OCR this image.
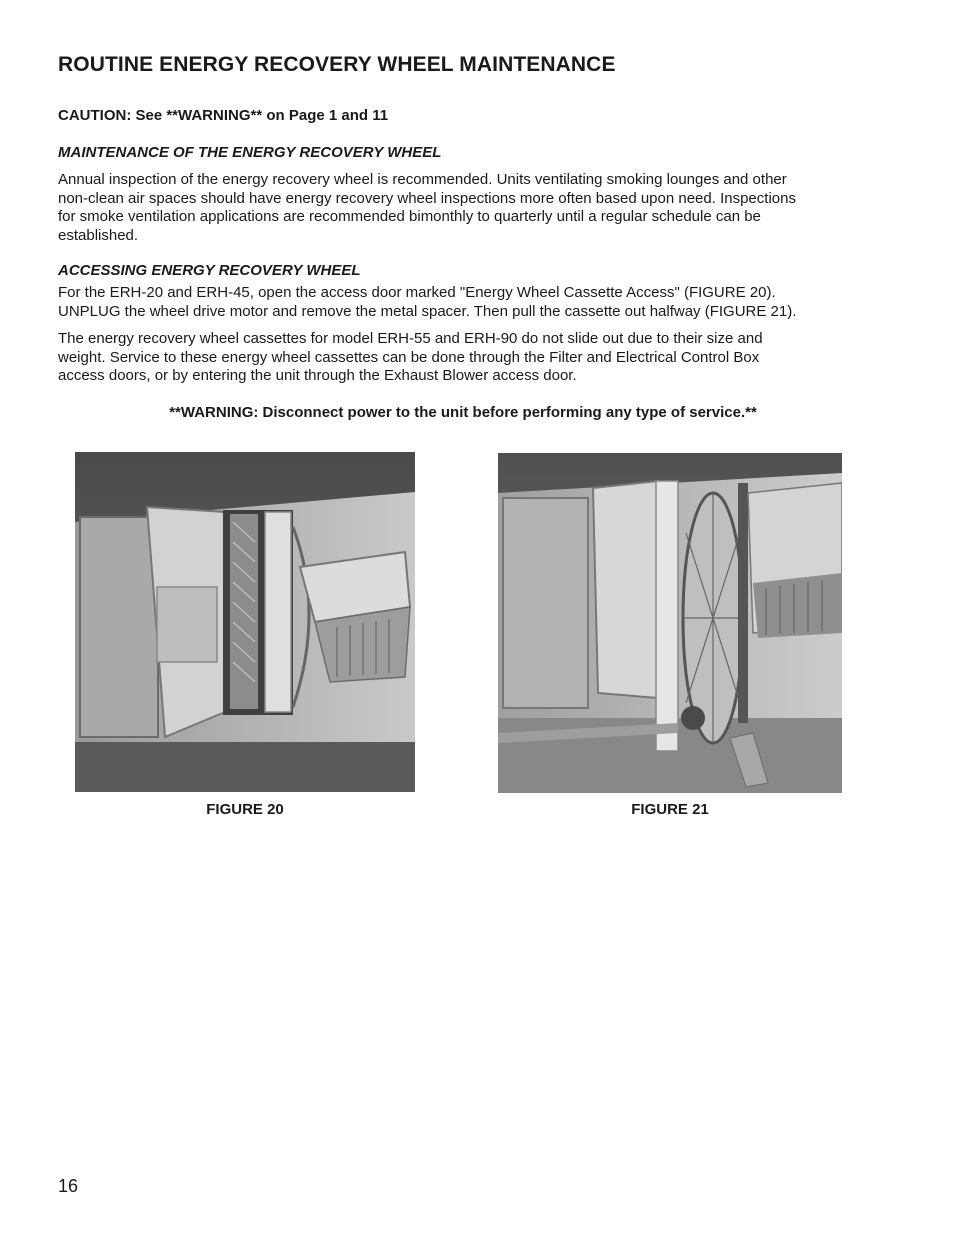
ROUTINE ENERGY RECOVERY WHEEL MAINTENANCE
CAUTION: See **WARNING** on Page 1 and 11
MAINTENANCE OF THE ENERGY RECOVERY WHEEL
Annual inspection of the energy recovery wheel is recommended. Units ventilating smoking lounges and other
non-clean air spaces should have energy recovery wheel inspections more often based upon need. Inspections
for smoke ventilation applications are recommended bimonthly to quarterly until a regular schedule can be
established.
ACCESSING ENERGY RECOVERY WHEEL
For the ERH-20 and ERH-45, open the access door marked "Energy Wheel Cassette Access" (FIGURE 20).
UNPLUG the wheel drive motor and remove the metal spacer. Then pull the cassette out halfway (FIGURE 21).
The energy recovery wheel cassettes for model ERH-55 and ERH-90 do not slide out due to their size and
weight. Service to these energy wheel cassettes can be done through the Filter and Electrical Control Box
access doors, or by entering the unit through the Exhaust Blower access door.
**WARNING: Disconnect power to the unit before performing any type of service.**
FIGURE 20	FIGURE 21
16
